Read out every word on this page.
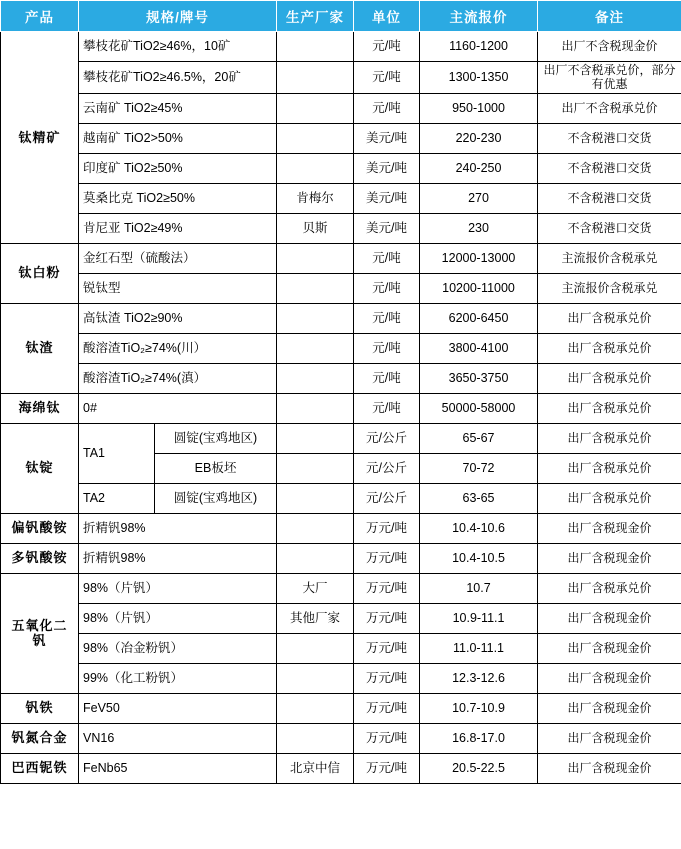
产品	规格/牌号		生产厂家	单位	主流报价	备注
钛精矿	攀枝花矿TiO2≥46%，10矿			元/吨	1160-1200	出厂不含税现金价
	攀枝花矿TiO2≥46.5%，20矿			元/吨	1300-1350	出厂不含税承兑价，部分有优惠
	云南矿 TiO2≥45%			元/吨	950-1000	出厂不含税承兑价
	越南矿 TiO2>50%			美元/吨	220-230	不含税港口交货
	印度矿 TiO2≥50%			美元/吨	240-250	不含税港口交货
	莫桑比克 TiO2≥50%		肯梅尔	美元/吨	270	不含税港口交货
	肯尼亚 TiO2≥49%		贝斯	美元/吨	230	不含税港口交货
钛白粉	金红石型（硫酸法）			元/吨	12000-13000	主流报价含税承兑
	锐钛型			元/吨	10200-11000	主流报价含税承兑
钛渣	高钛渣 TiO2≥90%			元/吨	6200-6450	出厂含税承兑价
	酸溶渣TiO₂≥74%(川）			元/吨	3800-4100	出厂含税承兑价
	酸溶渣TiO₂≥74%(滇）			元/吨	3650-3750	出厂含税承兑价
海绵钛	0#			元/吨	50000-58000	出厂含税承兑价
钛锭	TA1	圆锭(宝鸡地区)		元/公斤	65-67	出厂含税承兑价
		EB板坯		元/公斤	70-72	出厂含税承兑价
	TA2	圆锭(宝鸡地区)		元/公斤	63-65	出厂含税承兑价
偏钒酸铵	折精钒98%			万元/吨	10.4-10.6	出厂含税现金价
多钒酸铵	折精钒98%			万元/吨	10.4-10.5	出厂含税现金价
五氧化二钒	98%（片钒）		大厂	万元/吨	10.7	出厂含税承兑价
	98%（片钒）		其他厂家	万元/吨	10.9-11.1	出厂含税现金价
	98%（冶金粉钒）			万元/吨	11.0-11.1	出厂含税现金价
	99%（化工粉钒）			万元/吨	12.3-12.6	出厂含税现金价
钒铁	FeV50			万元/吨	10.7-10.9	出厂含税现金价
钒氮合金	VN16			万元/吨	16.8-17.0	出厂含税现金价
巴西铌铁	FeNb65		北京中信	万元/吨	20.5-22.5	出厂含税现金价
